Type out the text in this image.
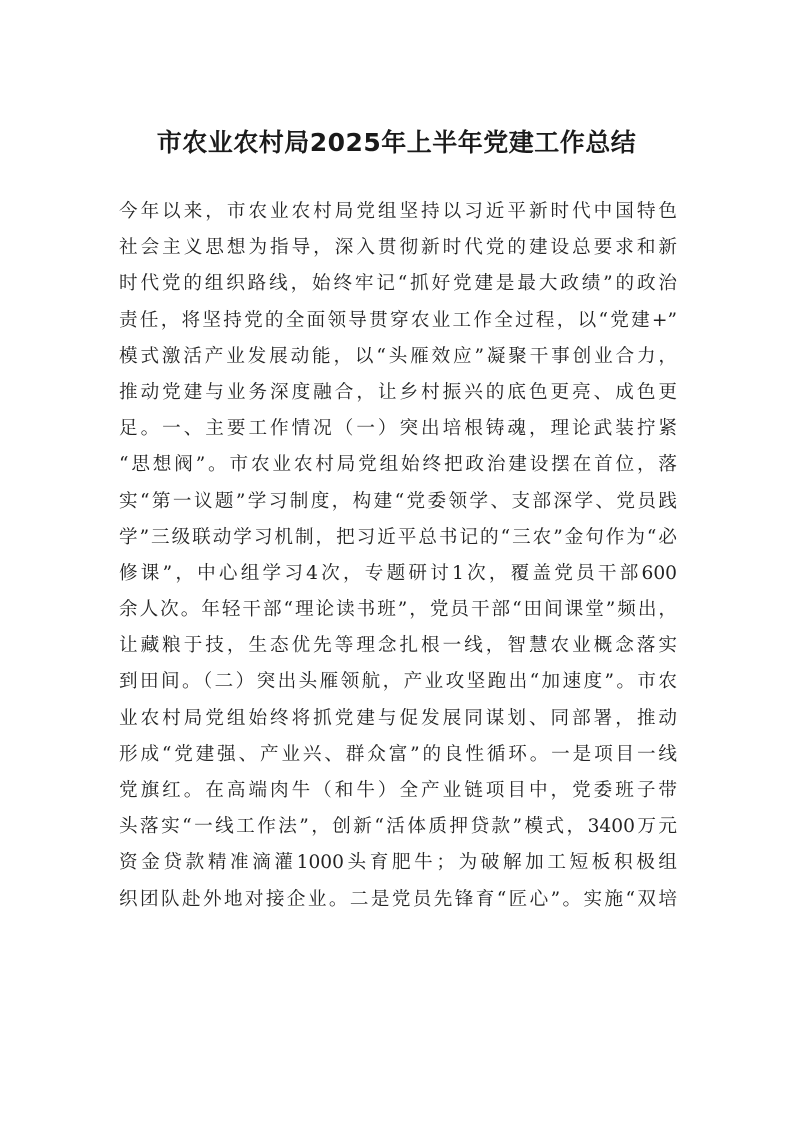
市农业农村局2025年上半年党建工作总结
今年以来，市农业农村局党组坚持以习近平新时代中国特色
社会主义思想为指导，深入贯彻新时代党的建设总要求和新
时代党的组织路线，始终牢记“抓好党建是最大政绩”的政治
责任，将坚持党的全面领导贯穿农业工作全过程，以“党建+”
模式激活产业发展动能，以“头雁效应”凝聚干事创业合力，
推动党建与业务深度融合，让乡村振兴的底色更亮、成色更
足。一、主要工作情况（一）突出培根铸魂，理论武装拧紧
“思想阀”。市农业农村局党组始终把政治建设摆在首位，落
实“第一议题”学习制度，构建“党委领学、支部深学、党员践
学”三级联动学习机制，把习近平总书记的“三农”金句作为“必
修课”，中心组学习4次，专题研讨1次，覆盖党员干部600
余人次。年轻干部“理论读书班”，党员干部“田间课堂”频出，
让藏粮于技，生态优先等理念扎根一线，智慧农业概念落实
到田间。（二）突出头雁领航，产业攻坚跑出“加速度”。市农
业农村局党组始终将抓党建与促发展同谋划、同部署，推动
形成“党建强、产业兴、群众富”的良性循环。一是项目一线
党旗红。在高端肉牛（和牛）全产业链项目中，党委班子带
头落实“一线工作法”，创新“活体质押贷款”模式，3400万元
资金贷款精准滴灌1000头育肥牛；为破解加工短板积极组
织团队赴外地对接企业。二是党员先锋育“匠心”。实施“双培
